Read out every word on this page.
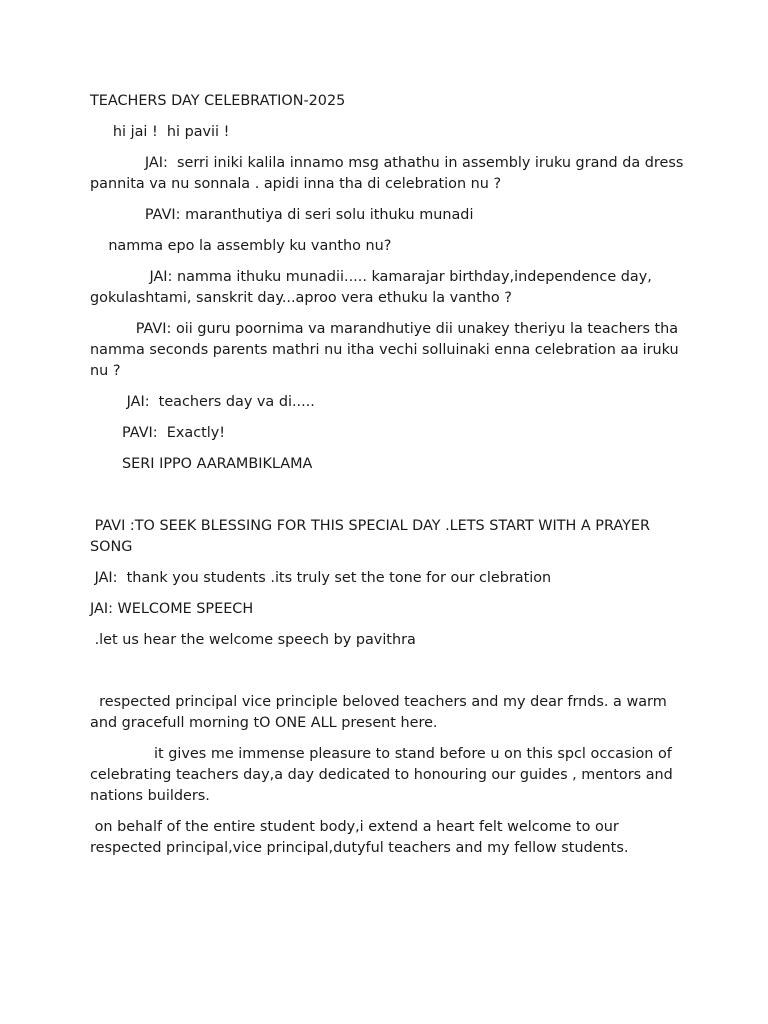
TEACHERS DAY CELEBRATION-2025

hi jai !  hi pavii !

JAI:  serri iniki kalila innamo msg athathu in assembly iruku grand da dress pannita va nu sonnala . apidi inna tha di celebration nu ?

PAVI: maranthutiya di seri solu ithuku munadi

namma epo la assembly ku vantho nu?

JAI: namma ithuku munadii..... kamarajar birthday,independence day,  gokulashtami, sanskrit day...aproo vera ethuku la vantho ?

PAVI: oii guru poornima va marandhutiye dii unakey theriyu la teachers tha namma seconds parents mathri nu itha vechi solluinaki enna celebration aa iruku nu ?

JAI:  teachers day va di.....

PAVI:  Exactly!

SERI IPPO AARAMBIKLAMA

PAVI :TO SEEK BLESSING FOR THIS SPECIAL DAY .LETS START WITH A PRAYER SONG

JAI:  thank you students .its truly set the tone for our clebration

JAI: WELCOME SPEECH

.let us hear the welcome speech by pavithra

respected principal vice principle beloved teachers and my dear frnds. a warm and gracefull morning tO ONE ALL present here.

it gives me immense pleasure to stand before u on this spcl occasion of celebrating teachers day,a day dedicated to honouring our guides , mentors and nations builders.

on behalf of the entire student body,i extend a heart felt welcome to our respected principal,vice principal,dutyful teachers and my fellow students.
